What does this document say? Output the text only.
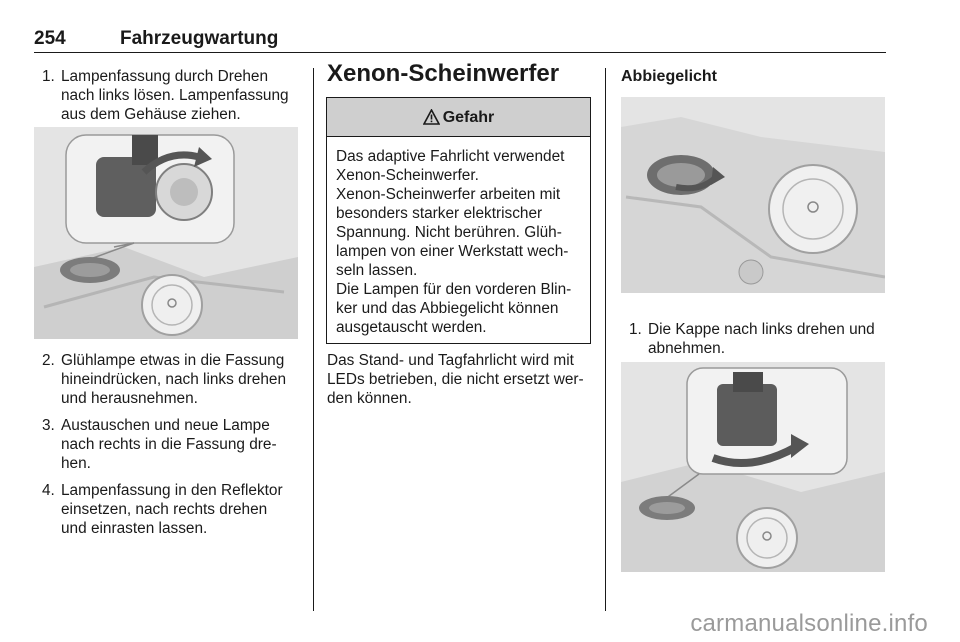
254	Fahrzeugwartung
1. Lampenfassung durch Drehen
nach links lösen. Lampenfassung
aus dem Gehäuse ziehen.
2. Glühlampe etwas in die Fassung
hineindrücken, nach links drehen
und herausnehmen.
3. Austauschen und neue Lampe
nach rechts in die Fassung dre-
hen.
4. Lampenfassung in den Reflektor
einsetzen, nach rechts drehen
und einrasten lassen.
Xenon-Scheinwerfer
Gefahr

Das adaptive Fahrlicht verwendet
Xenon-Scheinwerfer.

Xenon-Scheinwerfer arbeiten mit
besonders starker elektrischer
Spannung. Nicht berühren. Glüh-
lampen von einer Werkstatt wech-
seln lassen.

Die Lampen für den vorderen Blin-
ker und das Abbiegelicht können
ausgetauscht werden.

Das Stand- und Tagfahrlicht wird mit
LEDs betrieben, die nicht ersetzt wer-
den können.

Abbiegelicht
1. Die Kappe nach links drehen und
abnehmen.
carmanualsonline.info
